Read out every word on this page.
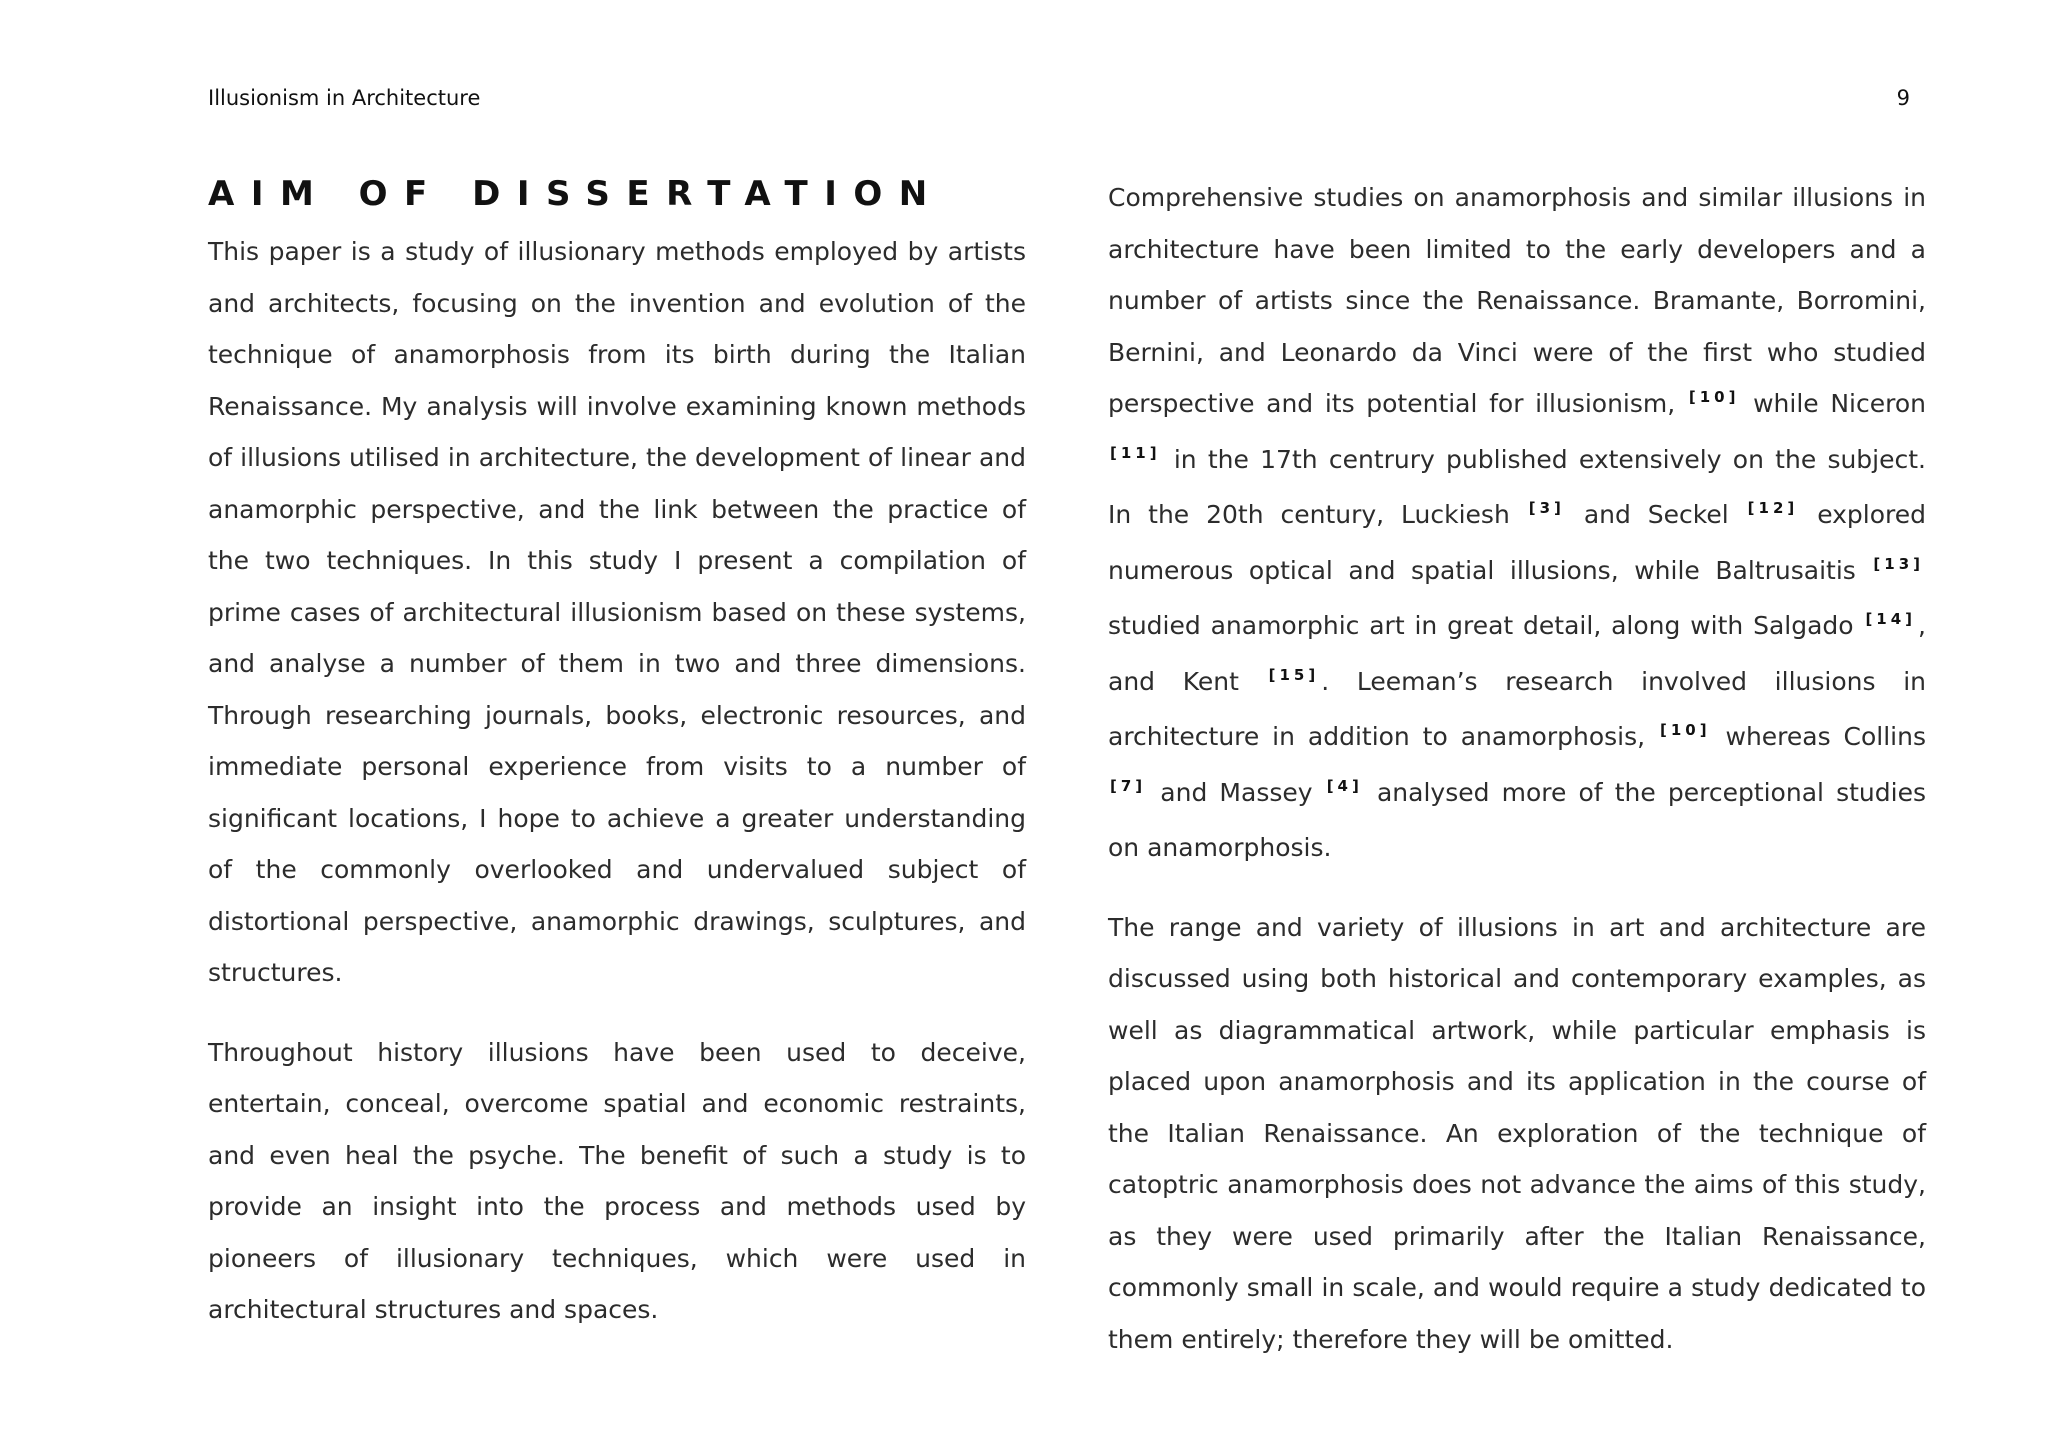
Illusionism in Architecture	9
AIM OF DISSERTATION

This paper is a study of illusionary methods employed by artists and architects, focusing on the invention and evolution of the technique of anamorphosis from its birth during the Italian Renaissance. My analysis will involve examining known methods of illusions utilised in architecture, the development of linear and anamorphic perspective, and the link between the practice of the two techniques. In this study I present a compilation of prime cases of architectural illusionism based on these systems, and analyse a number of them in two and three dimensions. Through researching journals, books, electronic resources, and immediate personal experience from visits to a number of significant locations, I hope to achieve a greater understanding of the commonly overlooked and undervalued subject of distortional perspective, anamorphic drawings, sculptures, and structures.

Throughout history illusions have been used to deceive, entertain, conceal, overcome spatial and economic restraints, and even heal the psyche. The benefit of such a study is to provide an insight into the process and methods used by pioneers of illusionary techniques, which were used in architectural structures and spaces.

Comprehensive studies on anamorphosis and similar illusions in architecture have been limited to the early developers and a number of artists since the Renaissance. Bramante, Borromini, Bernini, and Leonardo da Vinci were of the first who studied perspective and its potential for illusionism, [10] while Niceron [11] in the 17th centrury published extensively on the subject. In the 20th century, Luckiesh [3] and Seckel [12] explored numerous optical and spatial illusions, while Baltrusaitis [13] studied anamorphic art in great detail, along with Salgado [14], and Kent [15]. Leeman’s research involved illusions in architecture in addition to anamorphosis, [10] whereas Collins [7] and Massey [4] analysed more of the perceptional studies on anamorphosis.

The range and variety of illusions in art and architecture are discussed using both historical and contemporary examples, as well as diagrammatical artwork, while particular emphasis is placed upon anamorphosis and its application in the course of the Italian Renaissance. An exploration of the technique of catoptric anamorphosis does not advance the aims of this study, as they were used primarily after the Italian Renaissance, commonly small in scale, and would require a study dedicated to them entirely; therefore they will be omitted.
